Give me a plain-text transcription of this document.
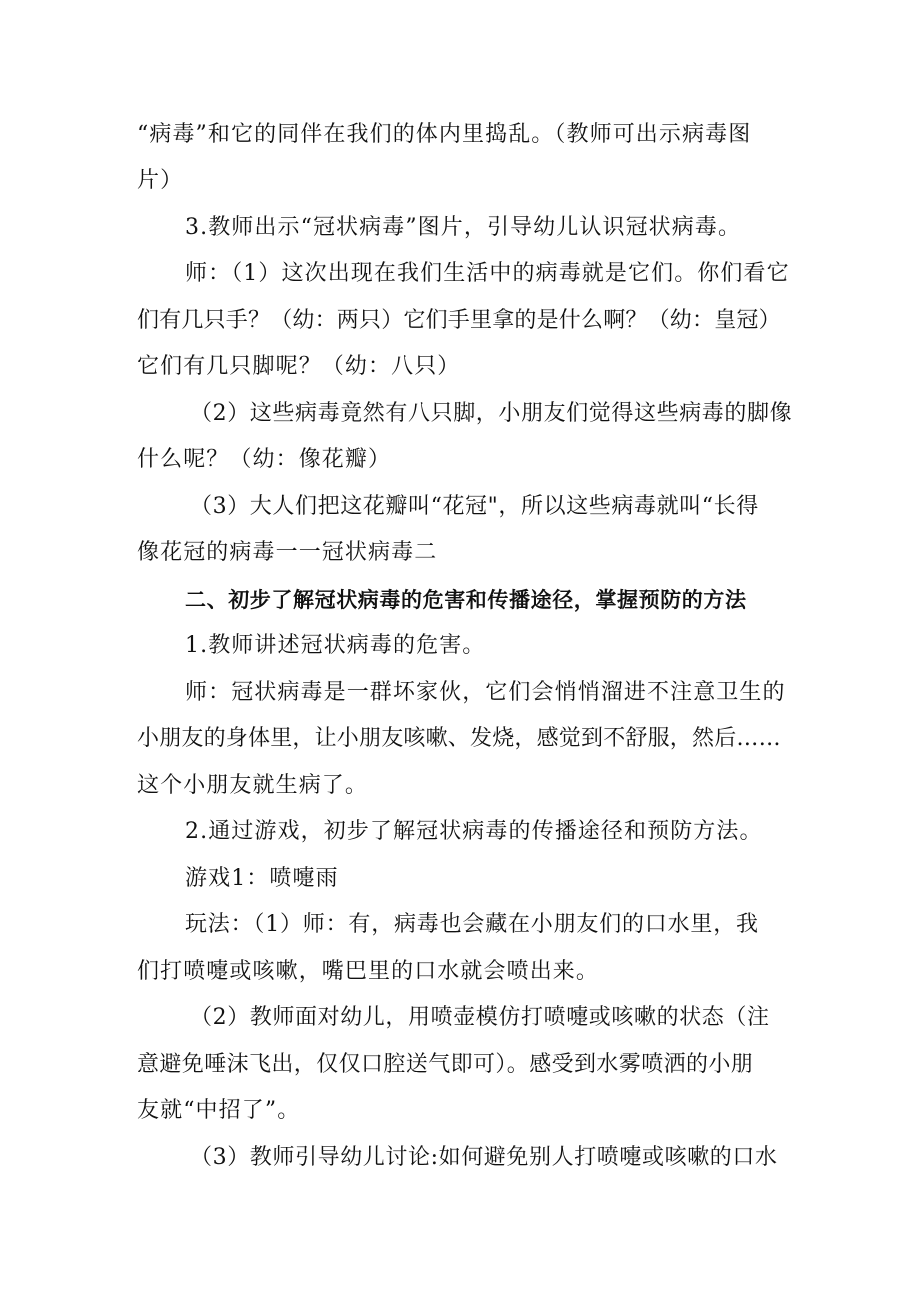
“病毒”和它的同伴在我们的体内里捣乱。（教师可出示病毒图

片）

3.教师出示“冠状病毒”图片，引导幼儿认识冠状病毒。

师：（1）这次出现在我们生活中的病毒就是它们。你们看它

们有几只手？（幼：两只）它们手里拿的是什么啊？（幼：皇冠）

它们有几只脚呢？（幼：八只）

（2）这些病毒竟然有八只脚，小朋友们觉得这些病毒的脚像

什么呢？（幼：像花瓣）

（3）大人们把这花瓣叫“花冠"，所以这些病毒就叫“长得

像花冠的病毒一一冠状病毒二

二、初步了解冠状病毒的危害和传播途径，掌握预防的方法

1.教师讲述冠状病毒的危害。

师：冠状病毒是一群坏家伙，它们会悄悄溜进不注意卫生的

小朋友的身体里，让小朋友咳嗽、发烧，感觉到不舒服，然后……

这个小朋友就生病了。

2.通过游戏，初步了解冠状病毒的传播途径和预防方法。

游戏1：喷嚏雨

玩法：（1）师：有，病毒也会藏在小朋友们的口水里，我

们打喷嚏或咳嗽，嘴巴里的口水就会喷出来。

（2）教师面对幼儿，用喷壶模仿打喷嚏或咳嗽的状态（注

意避免唾沫飞出，仅仅口腔送气即可）。感受到水雾喷洒的小朋

友就“中招了”。

（3）教师引导幼儿讨论:如何避免别人打喷嚏或咳嗽的口水
